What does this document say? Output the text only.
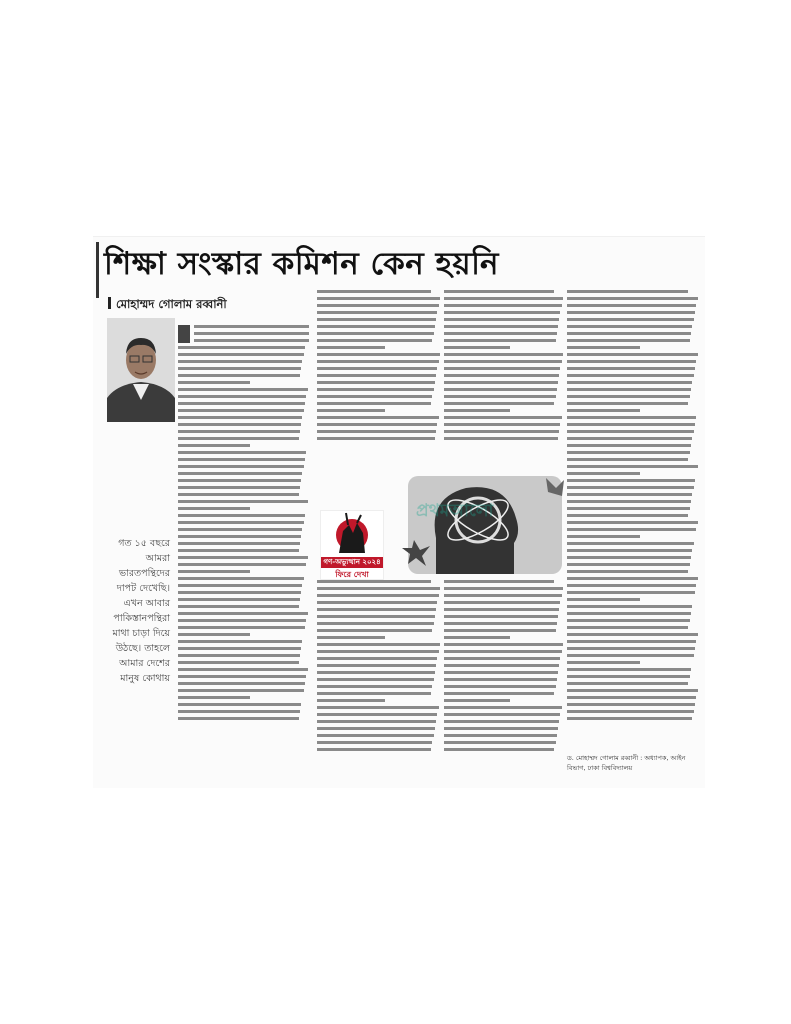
শিক্ষা সংস্কার কমিশন কেন হয়নি
মোহাম্মদ গোলাম রব্বানী
গত ১৫ বছরে আমরা ভারতপন্থিদের দাপট দেখেছি। এখন আবার পাকিস্তানপন্থিরা মাথা চাড়া দিয়ে উঠছে। তাহলে আমার দেশের মানুষ কোথায়
প্রথমআলো
গণ-অভ্যুত্থান ২০২৪
ফিরে দেখা
ড. মোহাম্মদ গোলাম রব্বানী : অধ্যাপক, আইন বিভাগ, ঢাকা বিশ্ববিদ্যালয়
